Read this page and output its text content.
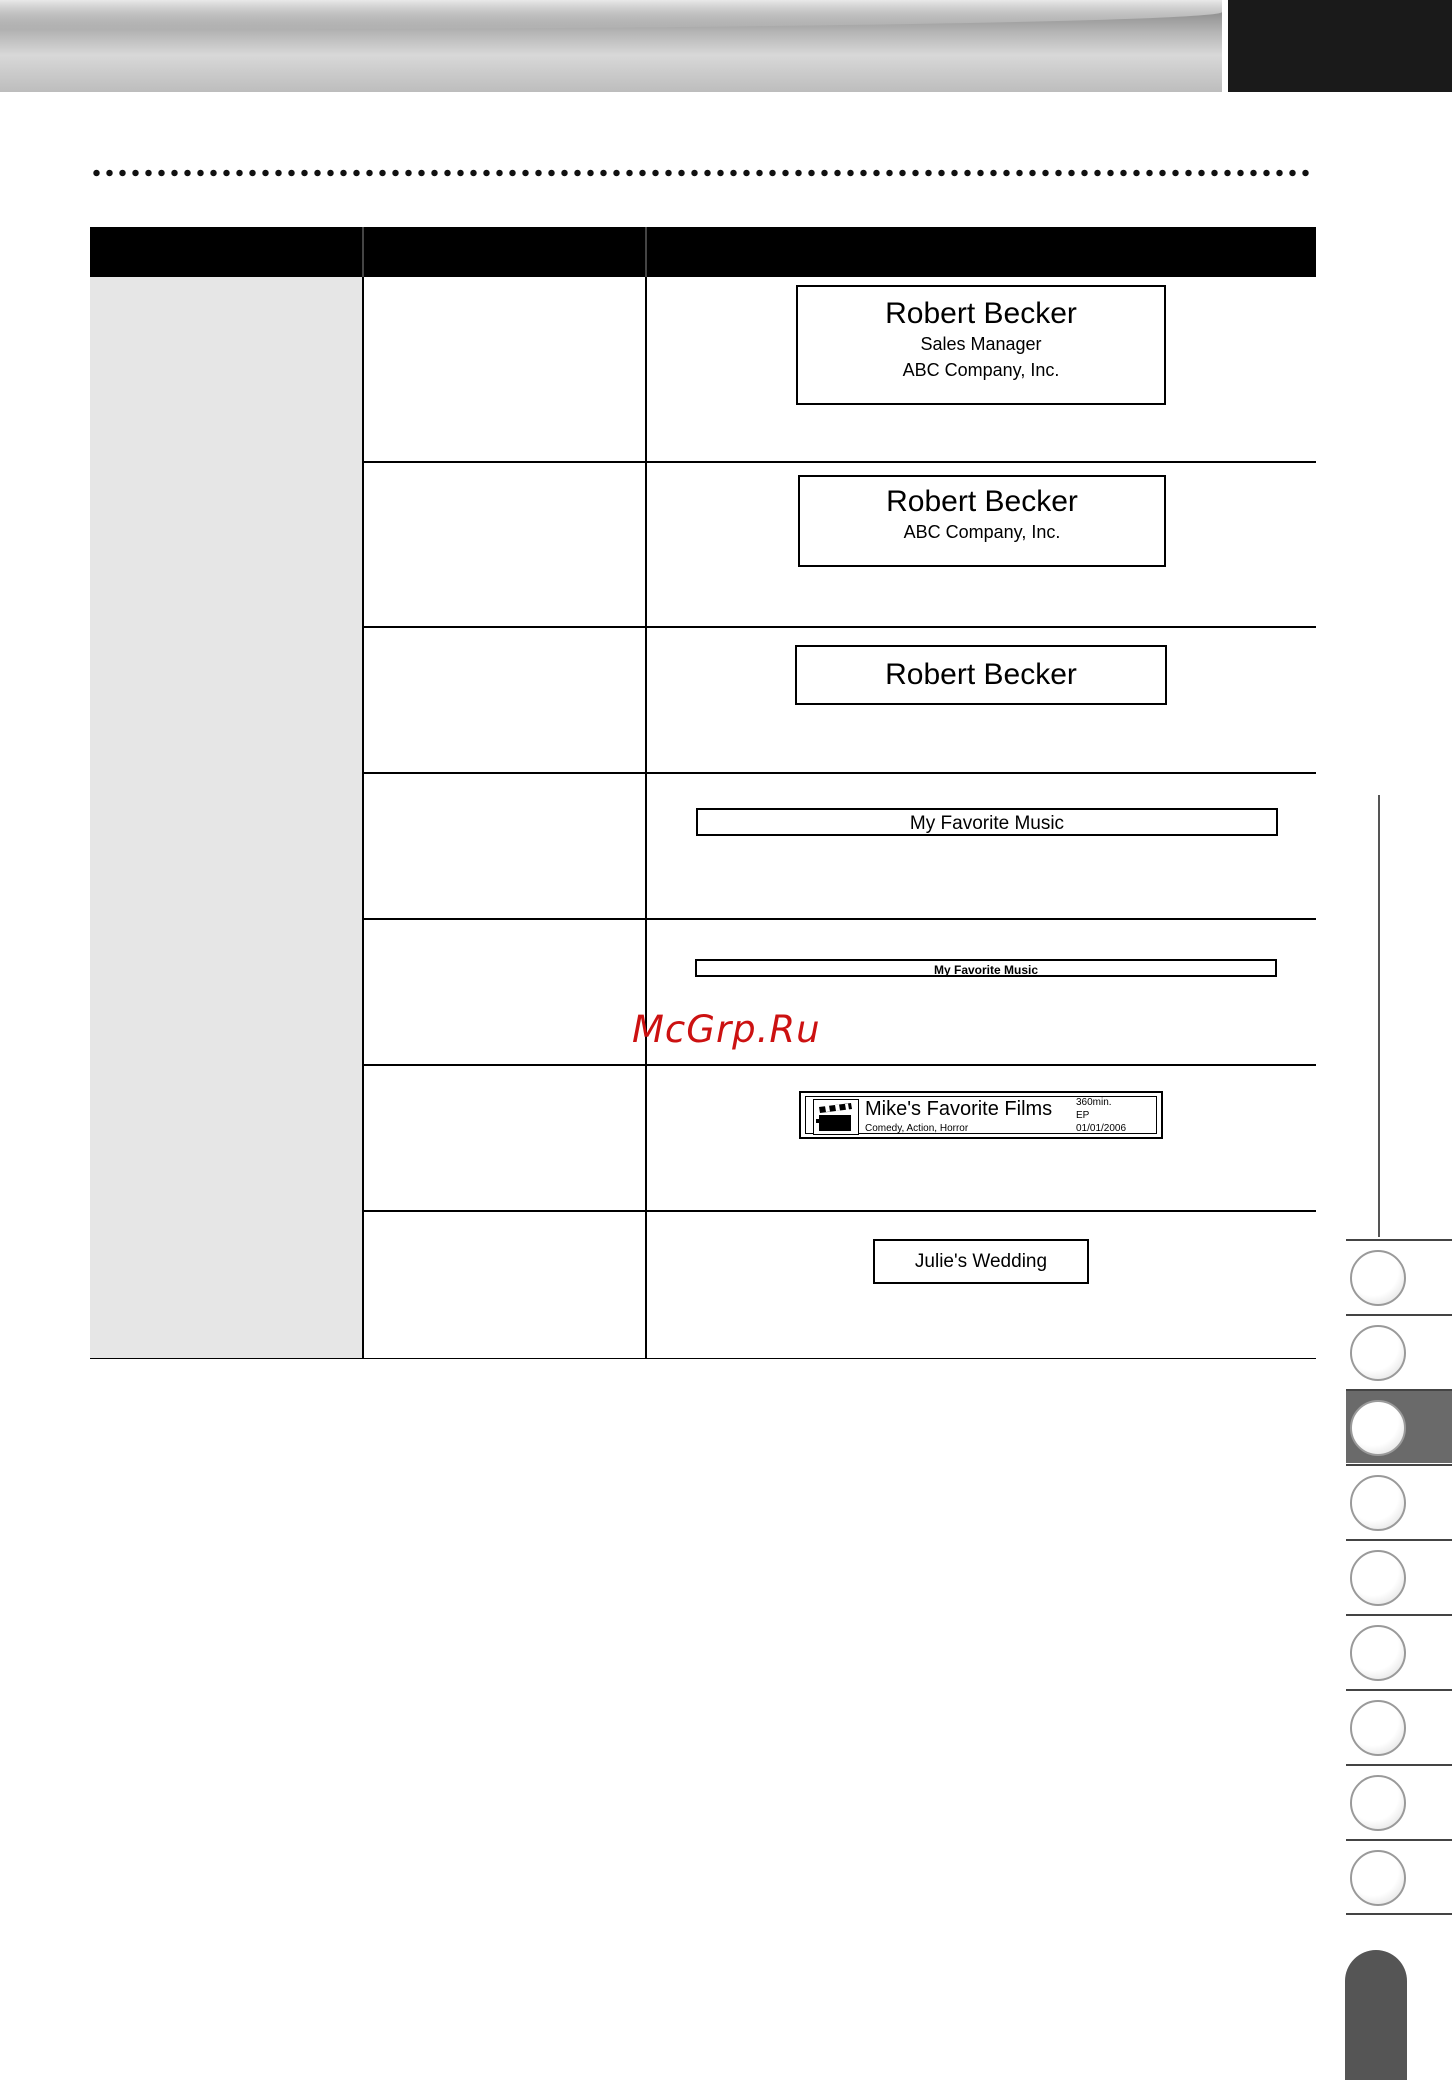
Robert Becker
Sales Manager
ABC Company, Inc.
Robert Becker
ABC Company, Inc.
Robert Becker
My Favorite Music
My Favorite Music
Mike's Favorite Films
Comedy, Action, Horror
360min.
EP
01/01/2006
Julie's Wedding
McGrp.Ru
